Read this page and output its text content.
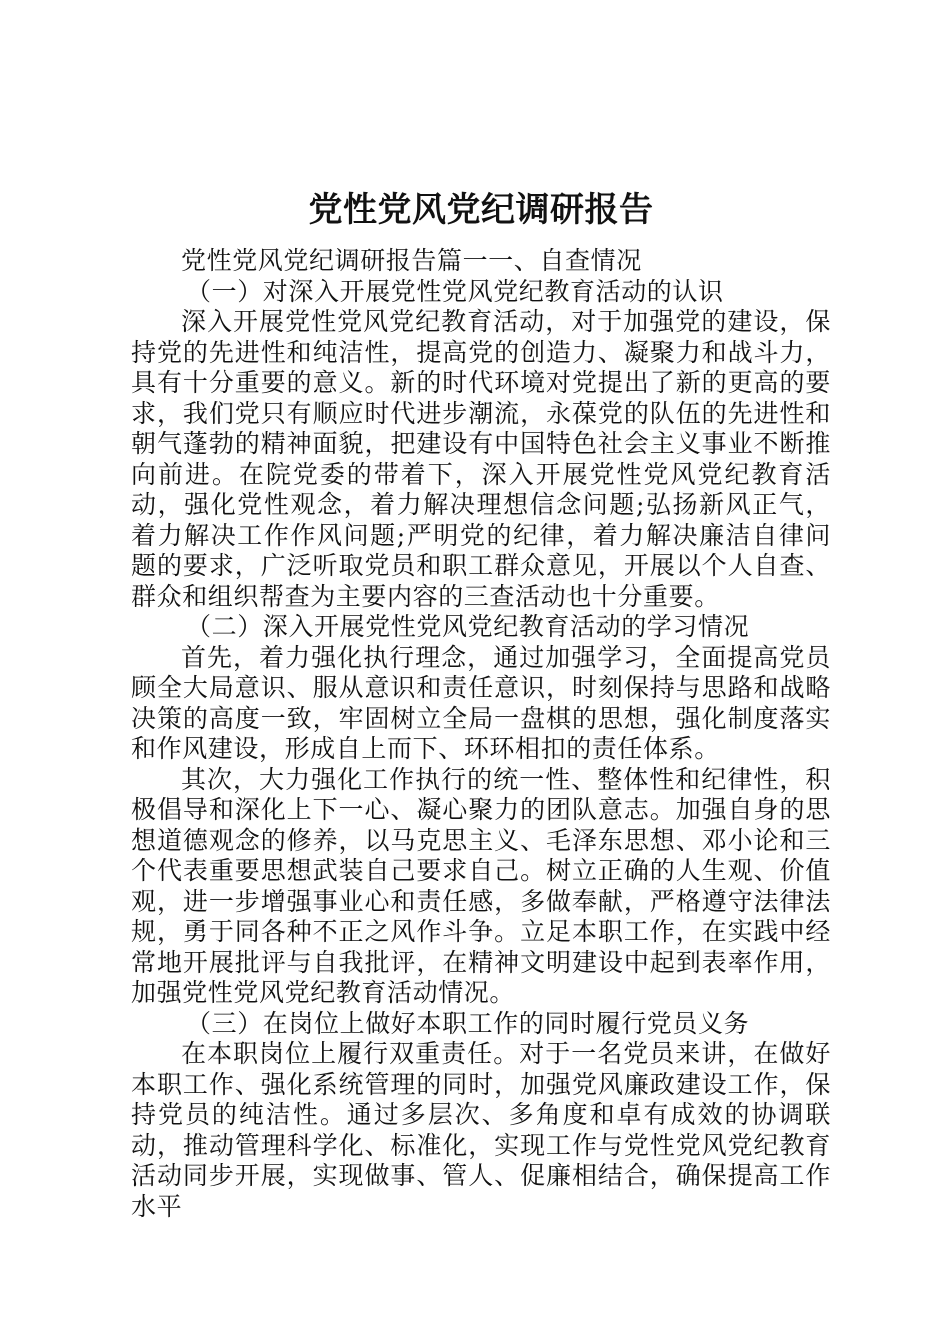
党性党风党纪调研报告

党性党风党纪调研报告篇一一、自查情况

（一）对深入开展党性党风党纪教育活动的认识

深入开展党性党风党纪教育活动，对于加强党的建设，保持党的先进性和纯洁性，提高党的创造力、凝聚力和战斗力，具有十分重要的意义。新的时代环境对党提出了新的更高的要求，我们党只有顺应时代进步潮流，永葆党的队伍的先进性和朝气蓬勃的精神面貌，把建设有中国特色社会主义事业不断推向前进。在院党委的带着下，深入开展党性党风党纪教育活动，强化党性观念，着力解决理想信念问题;弘扬新风正气，着力解决工作作风问题;严明党的纪律，着力解决廉洁自律问题的要求，广泛听取党员和职工群众意见，开展以个人自查、群众和组织帮查为主要内容的三查活动也十分重要。

（二）深入开展党性党风党纪教育活动的学习情况

首先，着力强化执行理念，通过加强学习，全面提高党员顾全大局意识、服从意识和责任意识，时刻保持与思路和战略决策的高度一致，牢固树立全局一盘棋的思想，强化制度落实和作风建设，形成自上而下、环环相扣的责任体系。

其次，大力强化工作执行的统一性、整体性和纪律性，积极倡导和深化上下一心、凝心聚力的团队意志。加强自身的思想道德观念的修养，以马克思主义、毛泽东思想、邓小论和三个代表重要思想武装自己要求自己。树立正确的人生观、价值观，进一步增强事业心和责任感，多做奉献，严格遵守法律法规，勇于同各种不正之风作斗争。立足本职工作，在实践中经常地开展批评与自我批评，在精神文明建设中起到表率作用，加强党性党风党纪教育活动情况。

（三）在岗位上做好本职工作的同时履行党员义务

在本职岗位上履行双重责任。对于一名党员来讲，在做好本职工作、强化系统管理的同时，加强党风廉政建设工作，保持党员的纯洁性。通过多层次、多角度和卓有成效的协调联动，推动管理科学化、标准化，实现工作与党性党风党纪教育活动同步开展，实现做事、管人、促廉相结合，确保提高工作水平
